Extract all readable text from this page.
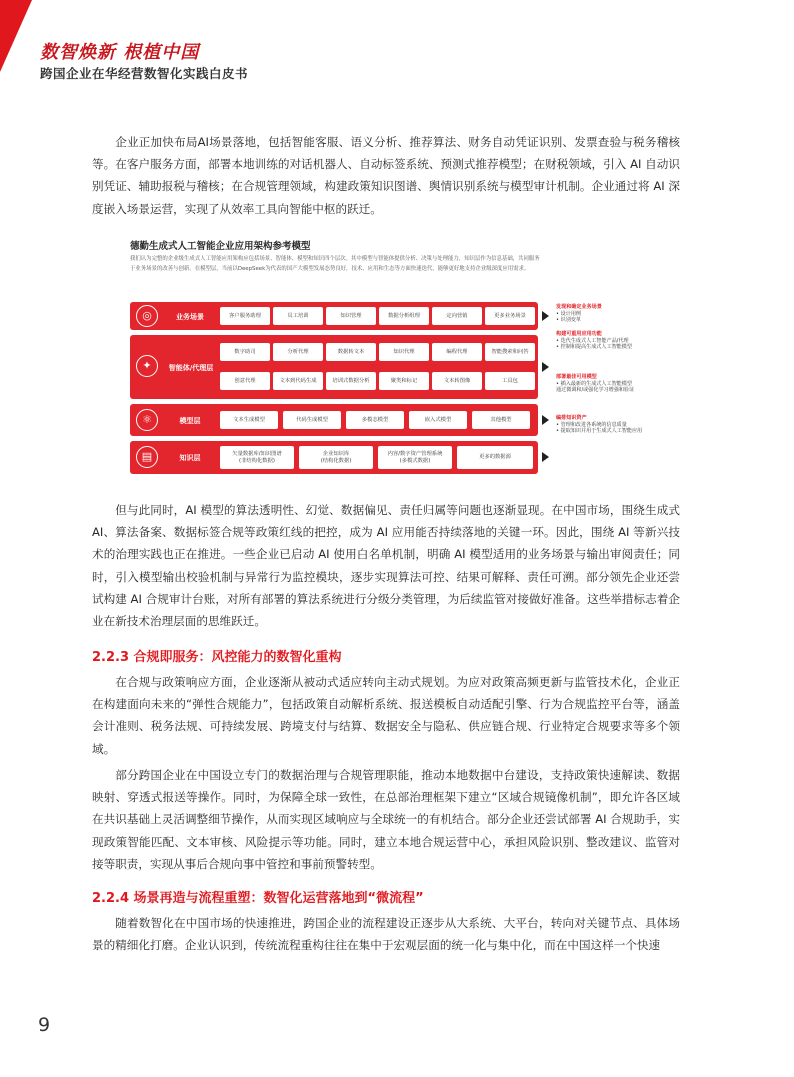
数智焕新 根植中国
跨国企业在华经营数智化实践白皮书

企业正加快布局AI场景落地，包括智能客服、语义分析、推荐算法、财务自动凭证识别、发票查验与税务稽核等。在客户服务方面，部署本地训练的对话机器人、自动标签系统、预测式推荐模型；在财税领域，引入 AI 自动识别凭证、辅助报税与稽核；在合规管理领域，构建政策知识图谱、舆情识别系统与模型审计机制。企业通过将 AI 深度嵌入场景运营，实现了从效率工具向智能中枢的跃迁。

德勤生成式人工智能企业应用架构参考模型
我们认为完整的企业级生成式人工智能应用架构应包括场景、智能体、模型和知识四个层次。其中模型与智能体提供分析、决策与处理能力，知识层作为信息基础，共同服务于业务场景的改善与创新。在模型层，当前以DeepSeek为代表的国产大模型发展态势良好，技术、应用和生态等方面快速迭代，能够更好地支持企业级深度应用需求。
◎	业务场景	客户服务助理	员工培训	知识管理	数据分析组理	定向营销	更多业务场景
✦	智能体/代理层
数字助司	分析代理	数据转文本	知识代理	编程代理	智能搜索和问答
创意代理	文本到代码生成	培训式数据分析	聚类和标记	文本转图像	工具包
⚛	模型层	文本生成模型	代码生成模型	多模态模型	嵌入式模型	其他模型
▤	知识层	矢量数据库/知识图谱
(非结构化数据)
企业知识库
(结构化数据)
内容/数字资产管理系统
(多模式数据)
更多的数据源
发现和确定业务场景
• 设计用例
• 识别变革
构建可重用应用功能
• 迭代生成式人工智能产品/代理
• 控制和提高生成式人工智能模型
部署最佳可用模型
• 插入最新的生成式人工智能模型
通过微调和/或强化学习增强和验证
编排知识资产
• 管理和改进各系统的信息质量
• 提取知识并用于生成式人工智能应用

但与此同时，AI 模型的算法透明性、幻觉、数据偏见、责任归属等问题也逐渐显现。在中国市场，围绕生成式 AI、算法备案、数据标签合规等政策红线的把控，成为 AI 应用能否持续落地的关键一环。因此，围绕 AI 等新兴技术的治理实践也正在推进。一些企业已启动 AI 使用白名单机制，明确 AI 模型适用的业务场景与输出审阅责任；同时，引入模型输出校验机制与异常行为监控模块，逐步实现算法可控、结果可解释、责任可溯。部分领先企业还尝试构建 AI 合规审计台账，对所有部署的算法系统进行分级分类管理，为后续监管对接做好准备。这些举措标志着企业在新技术治理层面的思维跃迁。

2.2.3 合规即服务：风控能力的数智化重构

在合规与政策响应方面，企业逐渐从被动式适应转向主动式规划。为应对政策高频更新与监管技术化，企业正在构建面向未来的“弹性合规能力”，包括政策自动解析系统、报送模板自动适配引擎、行为合规监控平台等，涵盖会计准则、税务法规、可持续发展、跨境支付与结算、数据安全与隐私、供应链合规、行业特定合规要求等多个领域。

部分跨国企业在中国设立专门的数据治理与合规管理职能，推动本地数据中台建设，支持政策快速解读、数据映射、穿透式报送等操作。同时，为保障全球一致性，在总部治理框架下建立“区域合规镜像机制”，即允许各区域在共识基础上灵活调整细节操作，从而实现区域响应与全球统一的有机结合。部分企业还尝试部署 AI 合规助手，实现政策智能匹配、文本审核、风险提示等功能。同时，建立本地合规运营中心，承担风险识别、整改建议、监管对接等职责，实现从事后合规向事中管控和事前预警转型。

2.2.4 场景再造与流程重塑：数智化运营落地到“微流程”

随着数智化在中国市场的快速推进，跨国企业的流程建设正逐步从大系统、大平台，转向对关键节点、具体场景的精细化打磨。企业认识到，传统流程重构往往在集中于宏观层面的统一化与集中化，而在中国这样一个快速

9
